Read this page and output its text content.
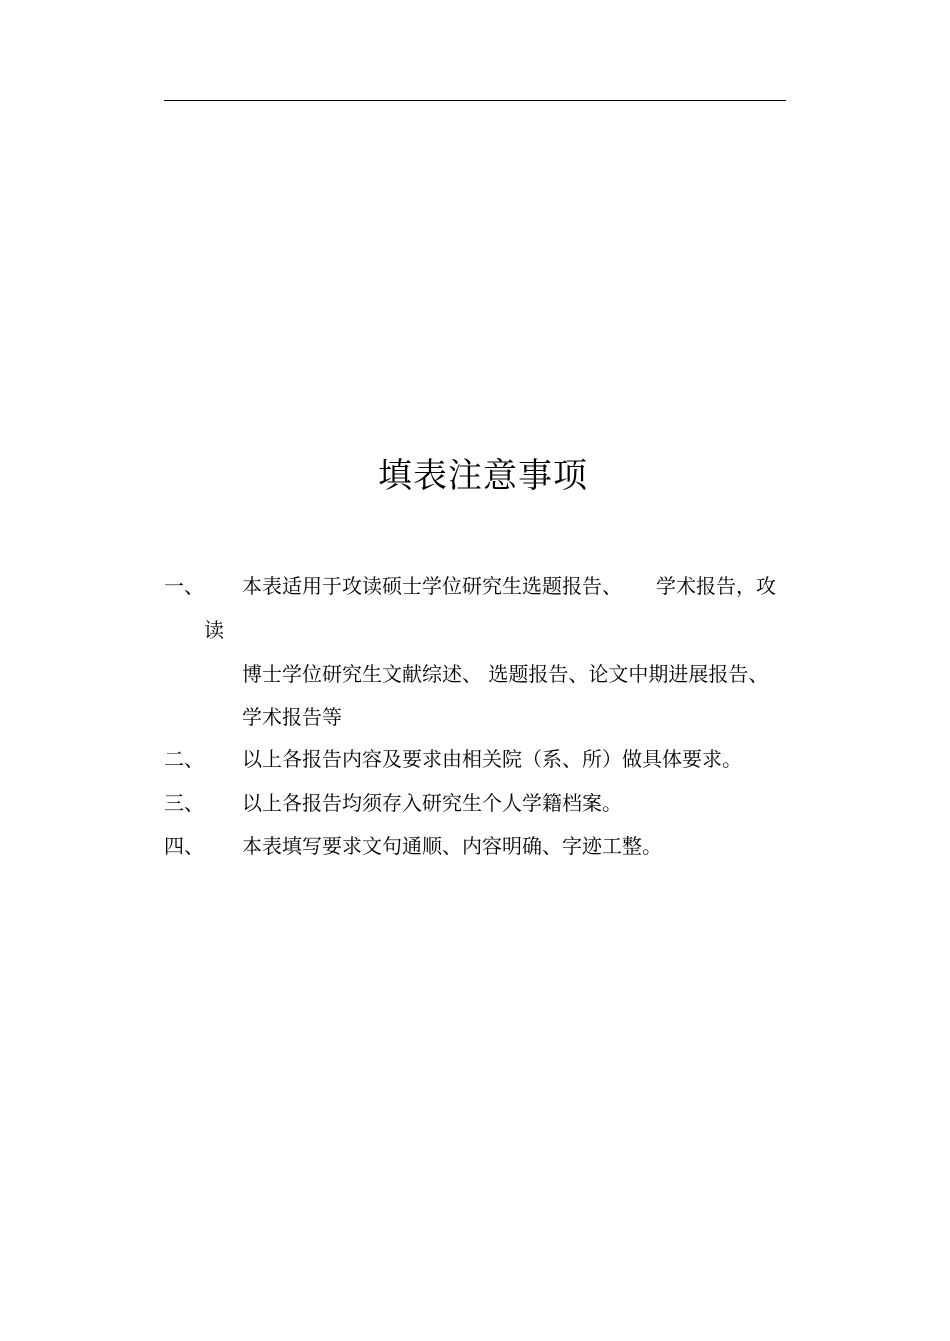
填表注意事项
一、 本表适用于攻读硕士学位研究生选题报告、 学术报告，攻
读
博士学位研究生文献综述、 选题报告、论文中期进展报告、
学术报告等
二、 以上各报告内容及要求由相关院（系、所）做具体要求。
三、 以上各报告均须存入研究生个人学籍档案。
四、 本表填写要求文句通顺、内容明确、字迹工整。
